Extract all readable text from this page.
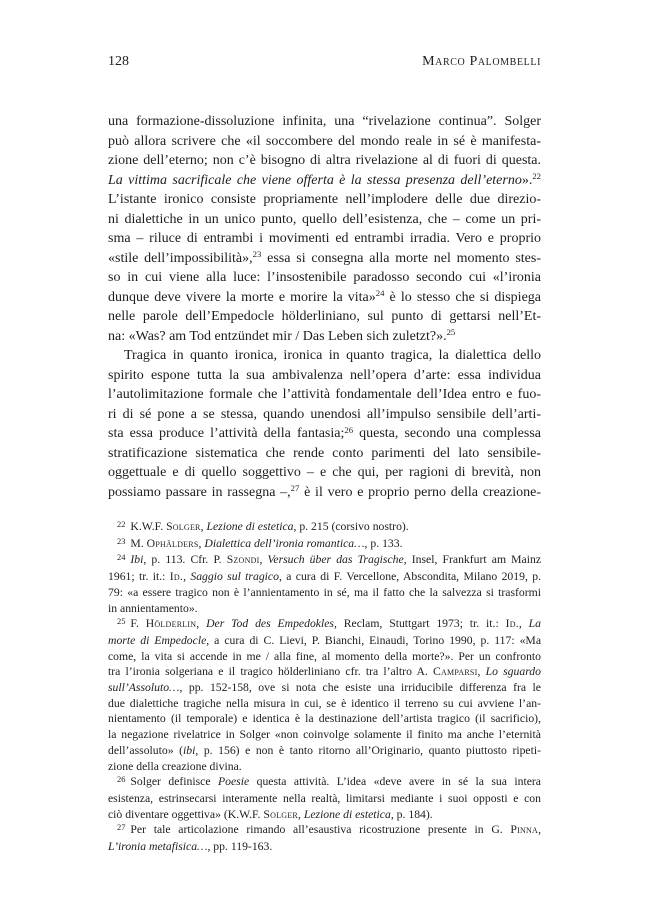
128	Marco Palombelli
una formazione-dissoluzione infinita, una “rivelazione continua”. Solger
può allora scrivere che «il soccombere del mondo reale in sé è manifesta-
zione dell’eterno; non c’è bisogno di altra rivelazione al di fuori di questa.
La vittima sacrificale che viene offerta è la stessa presenza dell’eterno».$^{22}$
L’istante ironico consiste propriamente nell’implodere delle due direzio-
ni dialettiche in un unico punto, quello dell’esistenza, che – come un pri-
sma – riluce di entrambi i movimenti ed entrambi irradia. Vero e proprio
«stile dell’impossibilità»,$^{23}$ essa si consegna alla morte nel momento stes-
so in cui viene alla luce: l’insostenibile paradosso secondo cui «l’ironia
dunque deve vivere la morte e morire la vita»$^{24}$ è lo stesso che si dispiega
nelle parole dell’Empedocle hölderliniano, sul punto di gettarsi nell’Et-
na: «Was? am Tod entzündet mir / Das Leben sich zuletzt?».$^{25}$
Tragica in quanto ironica, ironica in quanto tragica, la dialettica dello
spirito espone tutta la sua ambivalenza nell’opera d’arte: essa individua
l’autolimitazione formale che l’attività fondamentale dell’Idea entro e fuo-
ri di sé pone a se stessa, quando unendosi all’impulso sensibile dell’arti-
sta essa produce l’attività della fantasia;$^{26}$ questa, secondo una complessa
stratificazione sistematica che rende conto parimenti del lato sensibile-
oggettuale e di quello soggettivo – e che qui, per ragioni di brevità, non
possiamo passare in rassegna –,$^{27}$ è il vero e proprio perno della creazione-
$^{22}$ K.W.F. Solger, Lezione di estetica, p. 215 (corsivo nostro).
$^{23}$ M. Ophälders, Dialettica dell’ironia romantica…, p. 133.
$^{24}$ Ibi, p. 113. Cfr. P. Szondi, Versuch über das Tragische, Insel, Frankfurt am Mainz
1961; tr. it.: Id., Saggio sul tragico, a cura di F. Vercellone, Abscondita, Milano 2019, p.
79: «a essere tragico non è l’annientamento in sé, ma il fatto che la salvezza si trasformi
in annientamento».
$^{25}$ F. Hölderlin, Der Tod des Empedokles, Reclam, Stuttgart 1973; tr. it.: Id., La
morte di Empedocle, a cura di C. Lievi, P. Bianchi, Einaudi, Torino 1990, p. 117: «Ma
come, la vita si accende in me / alla fine, al momento della morte?». Per un confronto
tra l’ironia solgeriana e il tragico hölderliniano cfr. tra l’altro A. Camparsi, Lo sguardo
sull’Assoluto…, pp. 152-158, ove si nota che esiste una irriducibile differenza fra le
due dialettiche tragiche nella misura in cui, se è identico il terreno su cui avviene l’an-
nientamento (il temporale) e identica è la destinazione dell’artista tragico (il sacrificio),
la negazione rivelatrice in Solger «non coinvolge solamente il finito ma anche l’eternità
dell’assoluto» (ibi, p. 156) e non è tanto ritorno all’Originario, quanto piuttosto ripeti-
zione della creazione divina.
$^{26}$ Solger definisce Poesie questa attività. L’idea «deve avere in sé la sua intera
esistenza, estrinsecarsi interamente nella realtà, limitarsi mediante i suoi opposti e con
ciò diventare oggettiva» (K.W.F. Solger, Lezione di estetica, p. 184).
$^{27}$ Per tale articolazione rimando all’esaustiva ricostruzione presente in G. Pinna,
L’ironia metafisica…, pp. 119-163.
